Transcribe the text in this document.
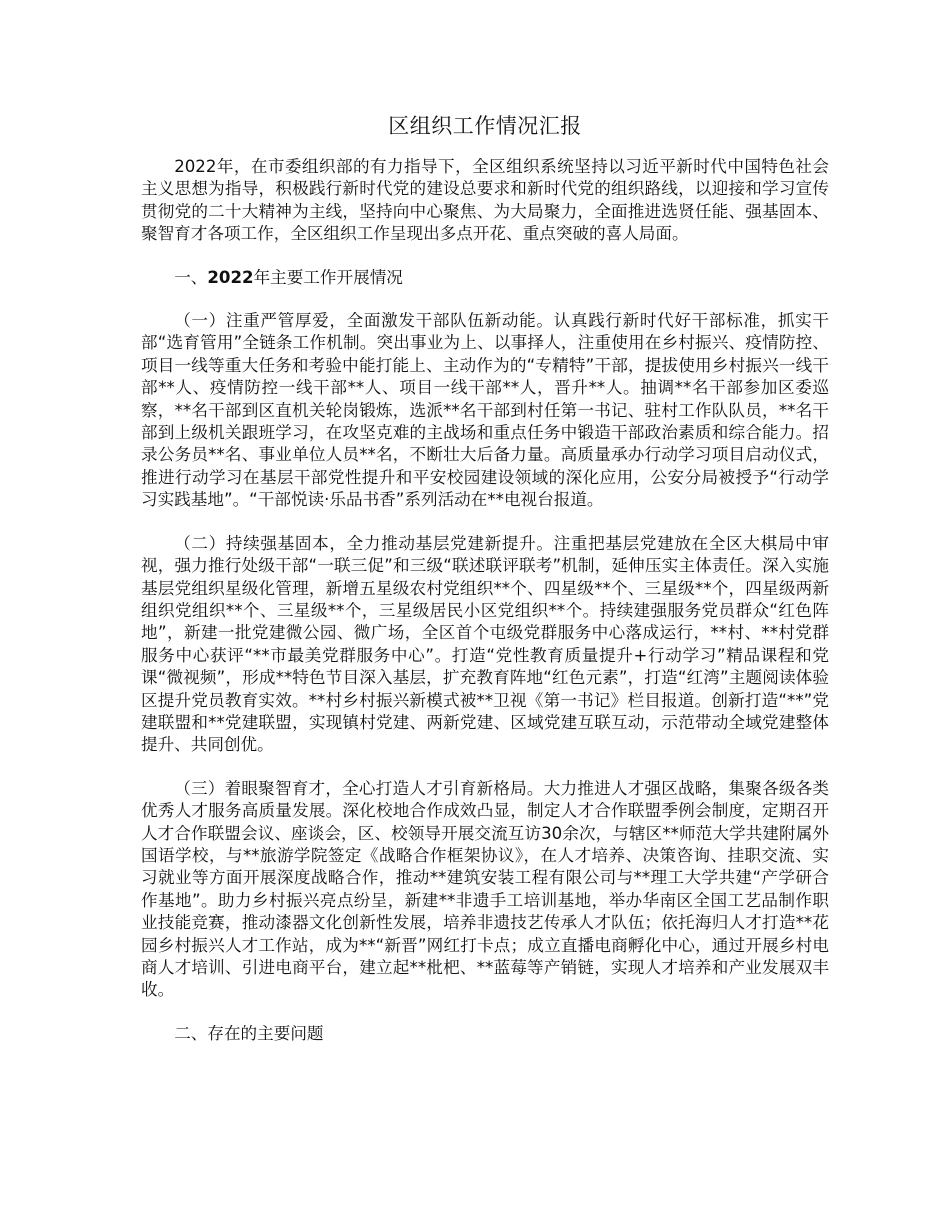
区组织工作情况汇报

2022年，在市委组织部的有力指导下，全区组织系统坚持以习近平新时代中国特色社会主义思想为指导，积极践行新时代党的建设总要求和新时代党的组织路线，以迎接和学习宣传贯彻党的二十大精神为主线，坚持向中心聚焦、为大局聚力，全面推进选贤任能、强基固本、聚智育才各项工作，全区组织工作呈现出多点开花、重点突破的喜人局面。

一、2022年主要工作开展情况

（一）注重严管厚爱，全面激发干部队伍新动能。认真践行新时代好干部标准，抓实干部“选育管用”全链条工作机制。突出事业为上、以事择人，注重使用在乡村振兴、疫情防控、项目一线等重大任务和考验中能打能上、主动作为的“专精特”干部，提拔使用乡村振兴一线干部**人、疫情防控一线干部**人、项目一线干部**人，晋升**人。抽调**名干部参加区委巡察，**名干部到区直机关轮岗锻炼，选派**名干部到村任第一书记、驻村工作队队员，**名干部到上级机关跟班学习，在攻坚克难的主战场和重点任务中锻造干部政治素质和综合能力。招录公务员**名、事业单位人员**名，不断壮大后备力量。高质量承办行动学习项目启动仪式，推进行动学习在基层干部党性提升和平安校园建设领域的深化应用，公安分局被授予“行动学习实践基地”。“干部悦读·乐品书香”系列活动在**电视台报道。

（二）持续强基固本，全力推动基层党建新提升。注重把基层党建放在全区大棋局中审视，强力推行处级干部“一联三促”和三级“联述联评联考”机制，延伸压实主体责任。深入实施基层党组织星级化管理，新增五星级农村党组织**个、四星级**个、三星级**个，四星级两新组织党组织**个、三星级**个，三星级居民小区党组织**个。持续建强服务党员群众“红色阵地”，新建一批党建微公园、微广场，全区首个屯级党群服务中心落成运行，**村、**村党群服务中心获评“**市最美党群服务中心”。打造“党性教育质量提升+行动学习”精品课程和党课“微视频”，形成**特色节目深入基层，扩充教育阵地“红色元素”，打造“红湾”主题阅读体验区提升党员教育实效。**村乡村振兴新模式被**卫视《第一书记》栏目报道。创新打造“**”党建联盟和**党建联盟，实现镇村党建、两新党建、区域党建互联互动，示范带动全域党建整体提升、共同创优。

（三）着眼聚智育才，全心打造人才引育新格局。大力推进人才强区战略，集聚各级各类优秀人才服务高质量发展。深化校地合作成效凸显，制定人才合作联盟季例会制度，定期召开人才合作联盟会议、座谈会，区、校领导开展交流互访30余次，与辖区**师范大学共建附属外国语学校，与**旅游学院签定《战略合作框架协议》，在人才培养、决策咨询、挂职交流、实习就业等方面开展深度战略合作，推动**建筑安装工程有限公司与**理工大学共建“产学研合作基地”。助力乡村振兴亮点纷呈，新建**非遗手工培训基地，举办华南区全国工艺品制作职业技能竞赛，推动漆器文化创新性发展，培养非遗技艺传承人才队伍；依托海归人才打造**花园乡村振兴人才工作站，成为**“新晋”网红打卡点；成立直播电商孵化中心，通过开展乡村电商人才培训、引进电商平台，建立起**枇杷、**蓝莓等产销链，实现人才培养和产业发展双丰收。

二、存在的主要问题
